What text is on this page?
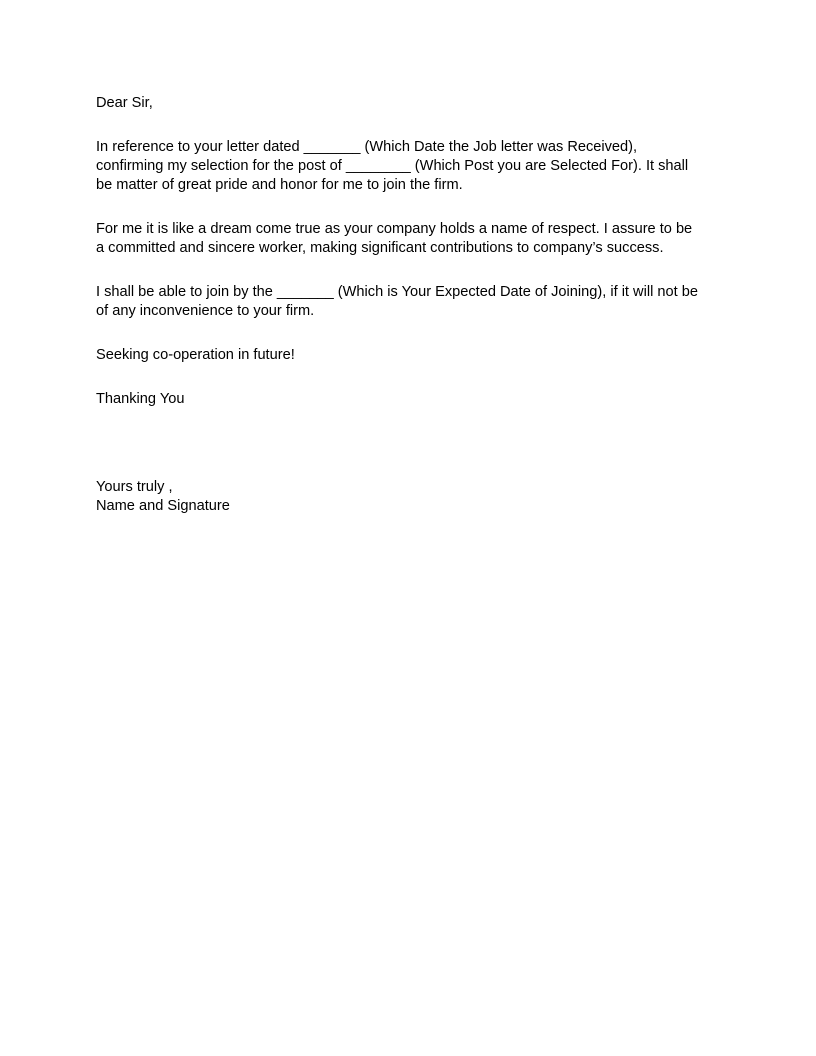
Dear Sir,

In reference to your letter dated _______ (Which Date the Job letter was Received), confirming my selection for the post of ________ (Which Post you are Selected For). It shall be matter of great pride and honor for me to join the firm.

For me it is like a dream come true as your company holds a name of respect. I assure to be a committed and sincere worker, making significant contributions to company’s success.

I shall be able to join by the _______ (Which is Your Expected Date of Joining), if it will not be of any inconvenience to your firm.

Seeking co-operation in future!

Thanking You

Yours truly ,

Name and Signature
